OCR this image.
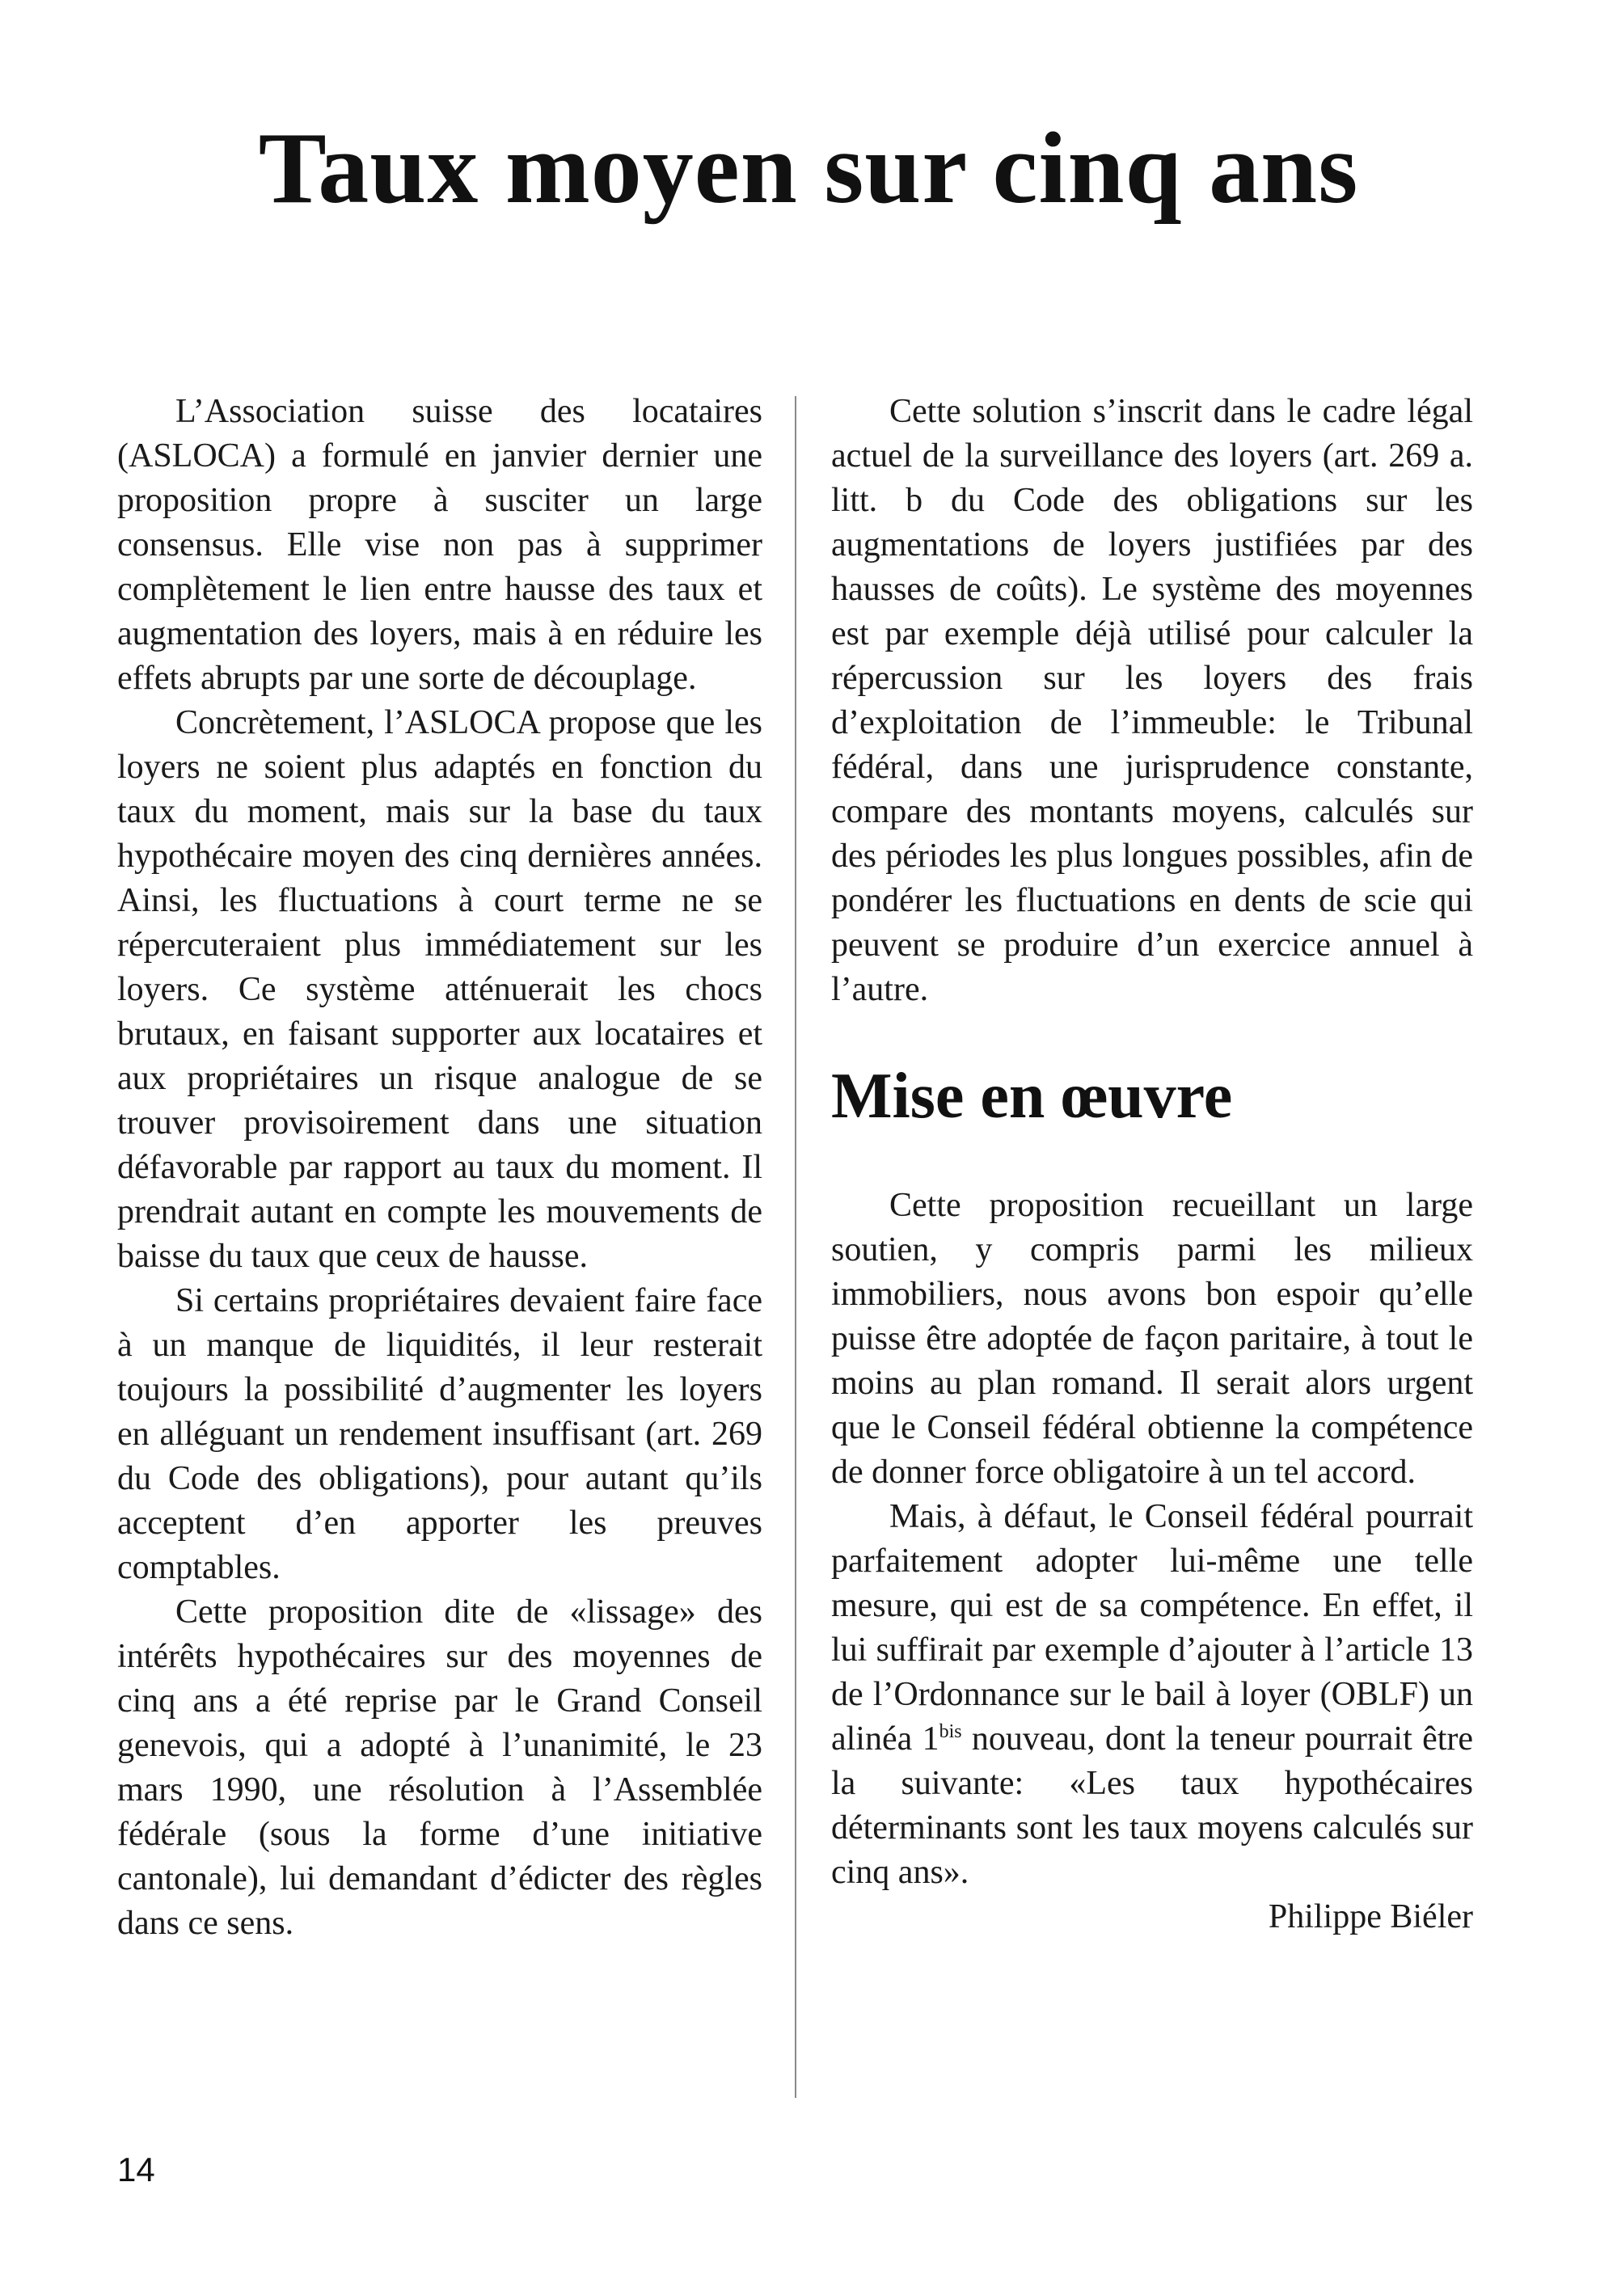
Taux moyen sur cinq ans

L’Association suisse des locataires (ASLOCA) a formulé en janvier dernier une proposition propre à susciter un large consensus. Elle vise non pas à supprimer complètement le lien entre hausse des taux et augmentation des loyers, mais à en réduire les effets abrupts par une sorte de découplage.

Concrètement, l’ASLOCA propose que les loyers ne soient plus adaptés en fonction du taux du moment, mais sur la base du taux hypothécaire moyen des cinq dernières années. Ainsi, les fluctuations à court terme ne se répercuteraient plus immédiatement sur les loyers. Ce système atténuerait les chocs brutaux, en faisant supporter aux locataires et aux propriétaires un risque analogue de se trouver provisoirement dans une situation défavorable par rapport au taux du moment. Il prendrait autant en compte les mouvements de baisse du taux que ceux de hausse.

Si certains propriétaires devaient faire face à un manque de liquidités, il leur resterait toujours la possibilité d’augmenter les loyers en alléguant un rendement insuffisant (art. 269 du Code des obligations), pour autant qu’ils acceptent d’en apporter les preuves comptables.

Cette proposition dite de «lissage» des intérêts hypothécaires sur des moyennes de cinq ans a été reprise par le Grand Conseil genevois, qui a adopté à l’unanimité, le 23 mars 1990, une résolution à l’Assemblée fédérale (sous la forme d’une initiative cantonale), lui demandant d’édicter des règles dans ce sens.

Cette solution s’inscrit dans le cadre légal actuel de la surveillance des loyers (art. 269 a. litt. b du Code des obligations sur les augmentations de loyers justifiées par des hausses de coûts). Le système des moyennes est par exemple déjà utilisé pour calculer la répercussion sur les loyers des frais d’exploitation de l’immeuble: le Tribunal fédéral, dans une jurisprudence constante, compare des montants moyens, calculés sur des périodes les plus longues possibles, afin de pondérer les fluctuations en dents de scie qui peuvent se produire d’un exercice annuel à l’autre.

Mise en œuvre

Cette proposition recueillant un large soutien, y compris parmi les milieux immobiliers, nous avons bon espoir qu’elle puisse être adoptée de façon paritaire, à tout le moins au plan romand. Il serait alors urgent que le Conseil fédéral obtienne la compétence de donner force obligatoire à un tel accord.

Mais, à défaut, le Conseil fédéral pourrait parfaitement adopter lui-même une telle mesure, qui est de sa compétence. En effet, il lui suffirait par exemple d’ajouter à l’article 13 de l’Ordonnance sur le bail à loyer (OBLF) un alinéa $1^{bis}$ nouveau, dont la teneur pourrait être la suivante: «Les taux hypothécaires déterminants sont les taux moyens calculés sur cinq ans».

Philippe Biéler

14
